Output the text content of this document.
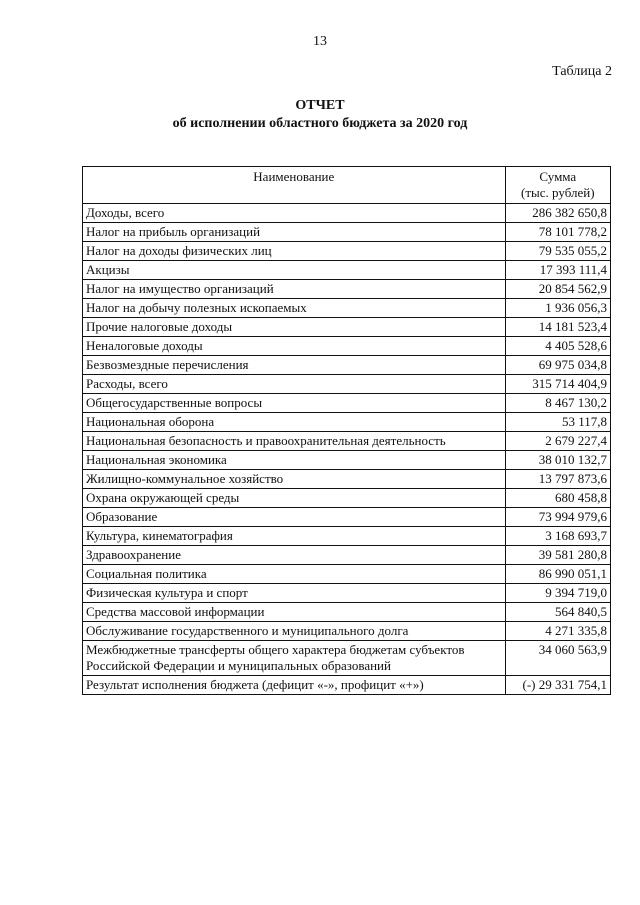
13
Таблица 2
ОТЧЕТ
об исполнении областного бюджета за 2020 год
Наименование	Сумма
(тыс. рублей)
Доходы, всего	286 382 650,8
Налог на прибыль организаций	78 101 778,2
Налог на доходы физических лиц	79 535 055,2
Акцизы	17 393 111,4
Налог на имущество организаций	20 854 562,9
Налог на добычу полезных ископаемых	1 936 056,3
Прочие налоговые доходы	14 181 523,4
Неналоговые доходы	4 405 528,6
Безвозмездные перечисления	69 975 034,8
Расходы, всего	315 714 404,9
Общегосударственные вопросы	8 467 130,2
Национальная оборона	53 117,8
Национальная безопасность и правоохранительная деятельность	2 679 227,4
Национальная экономика	38 010 132,7
Жилищно-коммунальное хозяйство	13 797 873,6
Охрана окружающей среды	680 458,8
Образование	73 994 979,6
Культура, кинематография	3 168 693,7
Здравоохранение	39 581 280,8
Социальная политика	86 990 051,1
Физическая культура и спорт	9 394 719,0
Средства массовой информации	564 840,5
Обслуживание государственного и муниципального долга	4 271 335,8
Межбюджетные трансферты общего характера бюджетам субъектов Российской Федерации и муниципальных образований	34 060 563,9
Результат исполнения бюджета (дефицит «-», профицит «+»)	(-) 29 331 754,1
